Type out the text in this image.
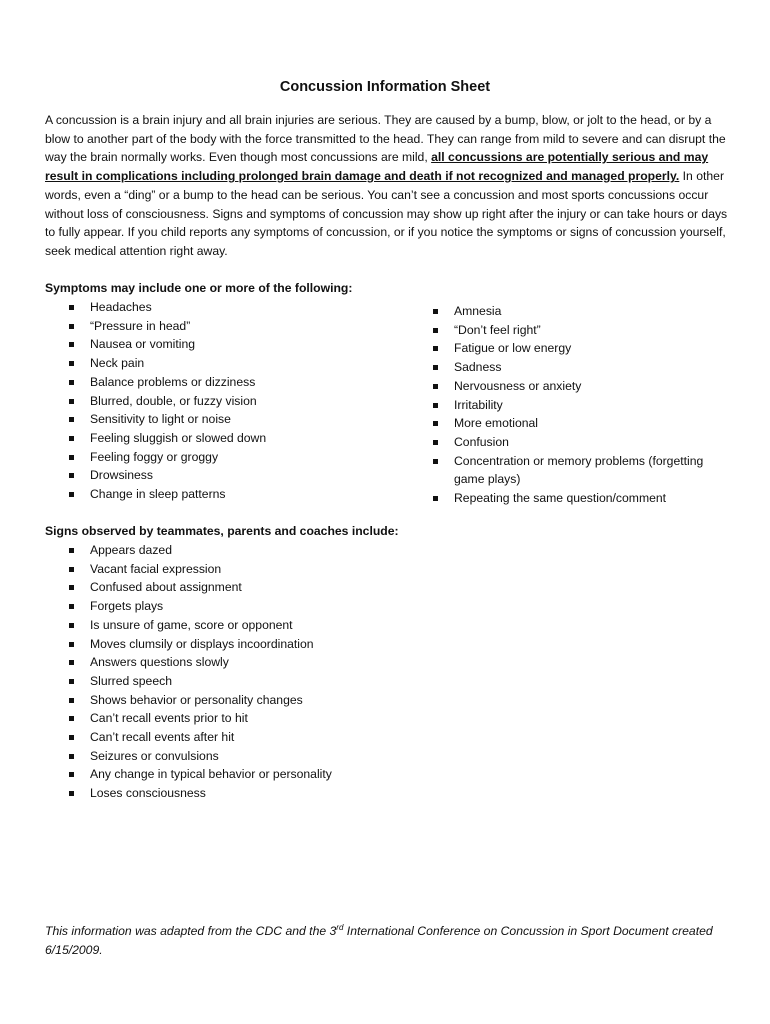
Concussion Information Sheet

A concussion is a brain injury and all brain injuries are serious. They are caused by a bump, blow, or jolt to the head, or by a blow to another part of the body with the force transmitted to the head. They can range from mild to severe and can disrupt the way the brain normally works. Even though most concussions are mild, all concussions are potentially serious and may result in complications including prolonged brain damage and death if not recognized and managed properly. In other words, even a “ding” or a bump to the head can be serious. You can’t see a concussion and most sports concussions occur without loss of consciousness. Signs and symptoms of concussion may show up right after the injury or can take hours or days to fully appear. If you child reports any symptoms of concussion, or if you notice the symptoms or signs of concussion yourself, seek medical attention right away.

Symptoms may include one or more of the following:

Headaches
“Pressure in head”
Nausea or vomiting
Neck pain
Balance problems or dizziness
Blurred, double, or fuzzy vision
Sensitivity to light or noise
Feeling sluggish or slowed down
Feeling foggy or groggy
Drowsiness
Change in sleep patterns
Amnesia
“Don’t feel right”
Fatigue or low energy
Sadness
Nervousness or anxiety
Irritability
More emotional
Confusion
Concentration or memory problems (forgetting game plays)
Repeating the same question/comment

Signs observed by teammates, parents and coaches include:

Appears dazed
Vacant facial expression
Confused about assignment
Forgets plays
Is unsure of game, score or opponent
Moves clumsily or displays incoordination
Answers questions slowly
Slurred speech
Shows behavior or personality changes
Can’t recall events prior to hit
Can’t recall events after hit
Seizures or convulsions
Any change in typical behavior or personality
Loses consciousness

This information was adapted from the CDC and the 3rd International Conference on Concussion in Sport Document created 6/15/2009.
